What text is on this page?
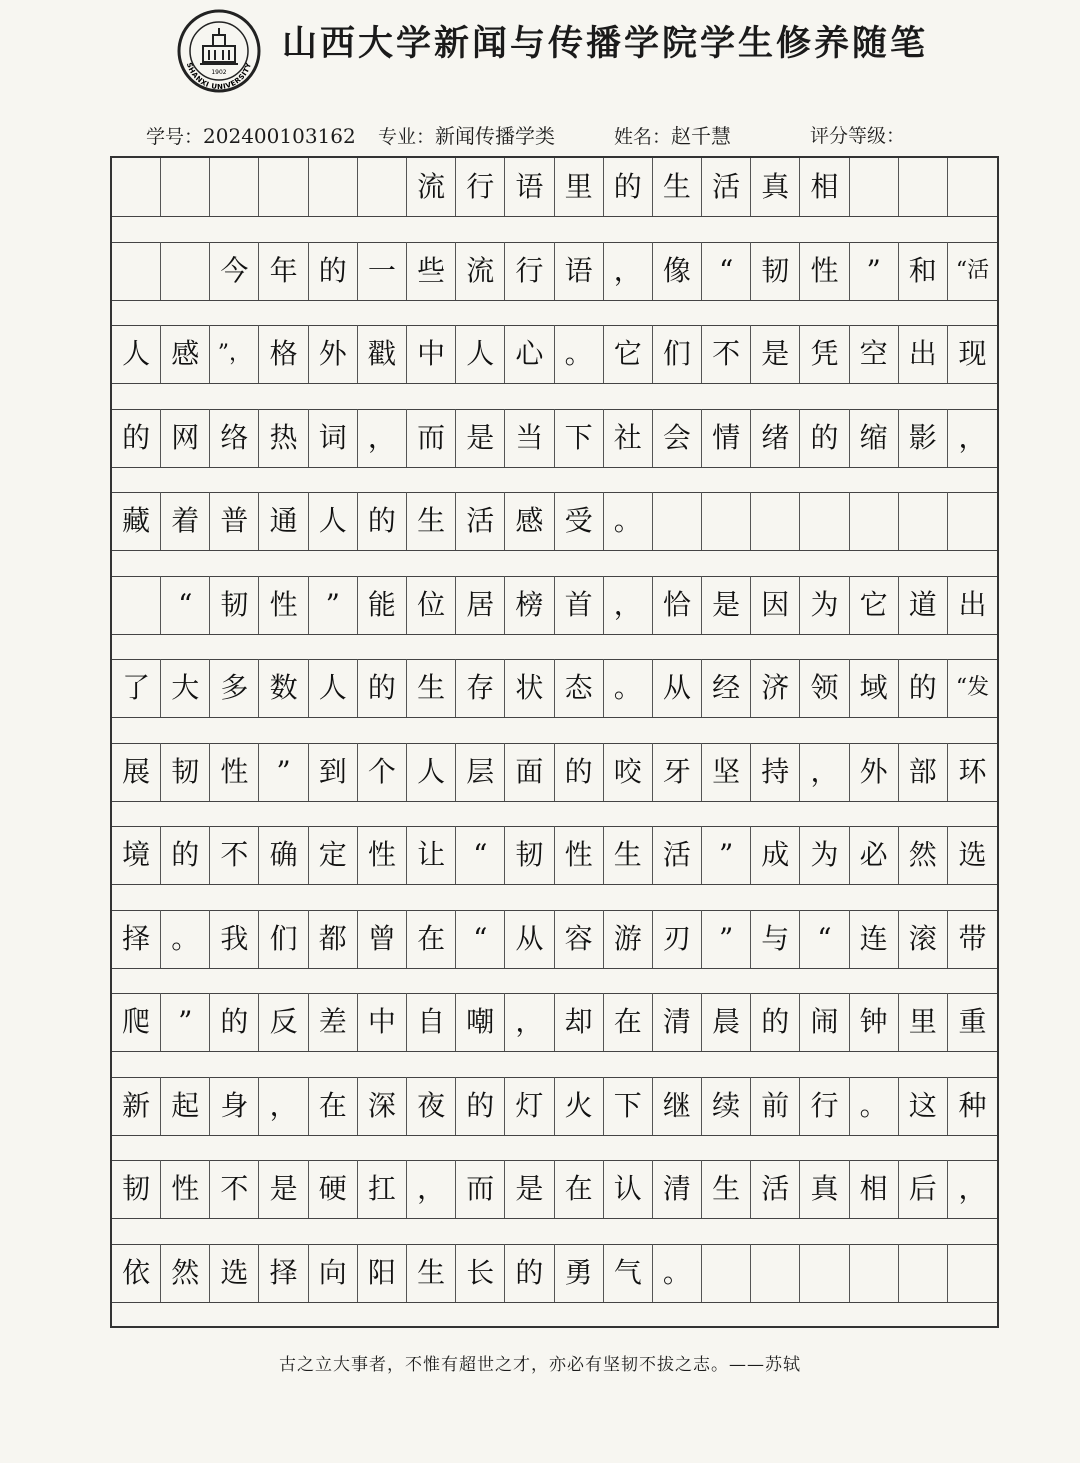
1902
SHANXI UNIVERSITY
山西大学新闻与传播学院学生修养随笔
学号：202400103162 专业：新闻传播学类	姓名：赵千慧	评分等级：
流 行 语 里 的 生 活 真 相
今 年 的 一 些 流 行 语 ， 像	“	韧 性	”	和 “活
人 感 ”， 格 外 戳 中 人 心 。 它 们 不 是 凭 空 出 现
的 网 络 热 词 ， 而 是 当 下 社 会 情 绪 的 缩 影 ，
藏 着 普 通 人 的 生 活 感 受 。
“	韧 性	”	能 位 居 榜 首 ， 恰 是 因 为 它 道 出
了 大 多 数 人 的 生 存 状 态 。 从 经 济 领 域 的 “发
展 韧 性	”	到 个 人 层 面 的 咬 牙 坚 持 ， 外 部 环
境 的 不 确 定 性 让	“	韧 性 生 活	”	成 为 必 然 选
择 。 我 们 都 曾 在	“	从 容 游 刃	”	与	“	连 滚 带
爬 ”	的 反 差 中 自 嘲 ， 却 在 清 晨 的 闹 钟 里 重
新 起 身 ， 在 深 夜 的 灯 火 下 继 续 前 行 。 这 种
韧 性 不 是 硬 扛 ， 而 是 在 认 清 生 活 真 相 后 ，
依 然 选 择 向 阳 生 长 的 勇 气 。
古之立大事者，不惟有超世之才，亦必有坚韧不拔之志。——苏轼
